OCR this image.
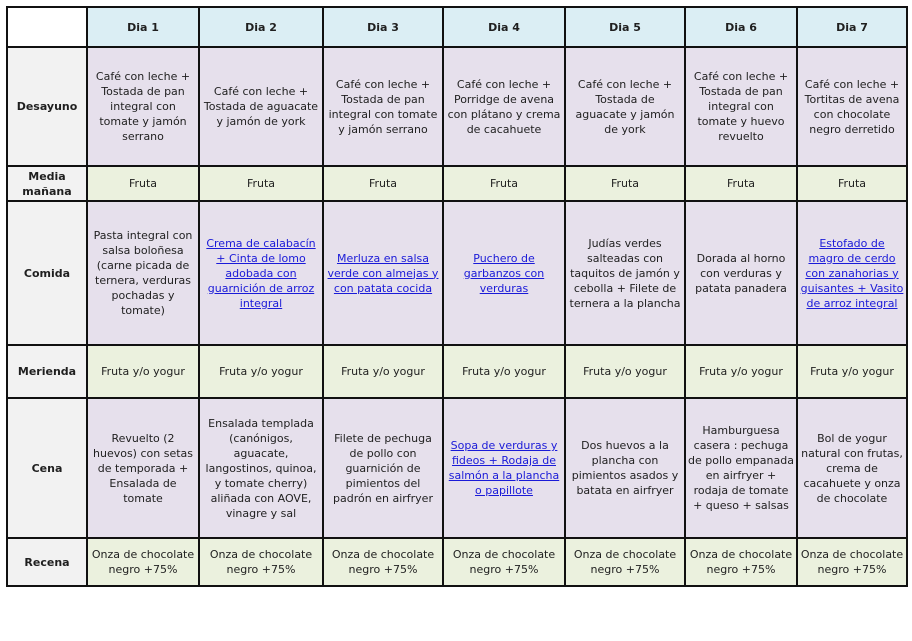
	Dia 1	Dia 2	Dia 3	Dia 4	Dia 5	Dia 6	Dia 7
Desayuno	Café con leche + Tostada de pan integral con tomate y jamón serrano	Café con leche + Tostada de aguacate y jamón de york	Café con leche + Tostada de pan integral con tomate y jamón serrano	Café con leche + Porridge de avena con plátano y crema de cacahuete	Café con leche + Tostada de aguacate y jamón de york	Café con leche + Tostada de pan integral con tomate y huevo revuelto	Café con leche + Tortitas de avena con chocolate negro derretido
Media mañana	Fruta	Fruta	Fruta	Fruta	Fruta	Fruta	Fruta
Comida	Pasta integral con salsa boloñesa (carne picada de ternera, verduras pochadas y tomate)	Crema de calabacín + Cinta de lomo adobada con guarnición de arroz integral	Merluza en salsa verde con almejas y con patata cocida	Puchero de garbanzos con verduras	Judías verdes salteadas con taquitos de jamón y cebolla + Filete de ternera a la plancha	Dorada al horno con verduras y patata panadera	Estofado de magro de cerdo con zanahorias y guisantes + Vasito de arroz integral
Merienda	Fruta y/o yogur	Fruta y/o yogur	Fruta y/o yogur	Fruta y/o yogur	Fruta y/o yogur	Fruta y/o yogur	Fruta y/o yogur
Cena	Revuelto (2 huevos) con setas de temporada + Ensalada de tomate	Ensalada templada (canónigos, aguacate, langostinos, quinoa, y tomate cherry) aliñada con AOVE, vinagre y sal	Filete de pechuga de pollo con guarnición de pimientos del padrón en airfryer	Sopa de verduras y fideos + Rodaja de salmón a la plancha o papillote	Dos huevos a la plancha con pimientos asados y batata en airfryer	Hamburguesa casera : pechuga de pollo empanada en airfryer + rodaja de tomate + queso + salsas	Bol de yogur natural con frutas, crema de cacahuete y onza de chocolate
Recena	Onza de chocolate negro +75%	Onza de chocolate negro +75%	Onza de chocolate negro +75%	Onza de chocolate negro +75%	Onza de chocolate negro +75%	Onza de chocolate negro +75%	Onza de chocolate negro +75%
